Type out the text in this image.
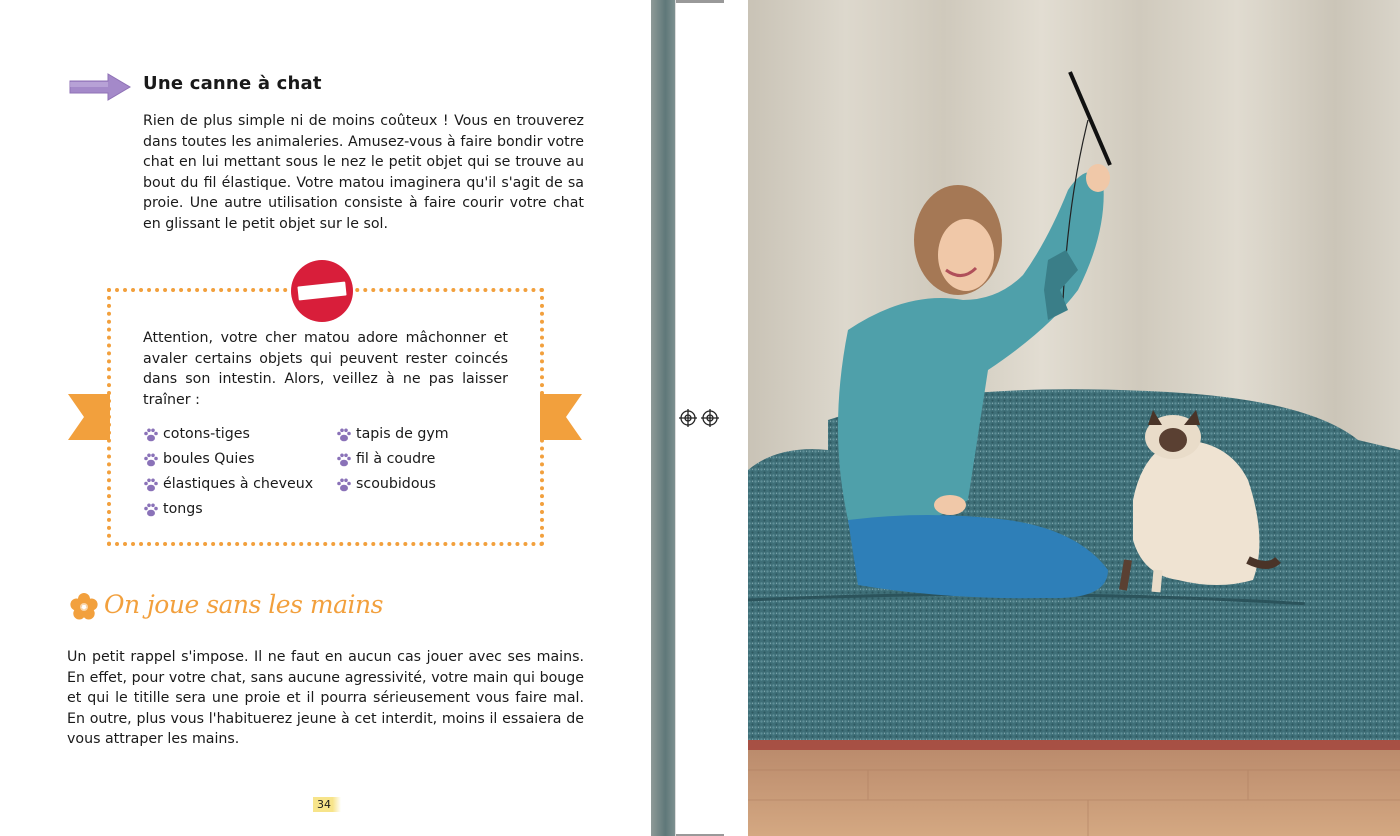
Une canne à chat

Rien de plus simple ni de moins coûteux ! Vous en trouverez dans toutes les animaleries. Amusez-vous à faire bondir votre chat en lui mettant sous le nez le petit objet qui se trouve au bout du fil élastique. Votre matou imaginera qu'il s'agit de sa proie. Une autre utilisation consiste à faire courir votre chat en glissant le petit objet sur le sol.

Attention, votre cher matou adore mâchonner et avaler certains objets qui peuvent rester coincés dans son intestin. Alors, veillez à ne pas laisser traîner :

cotons-tiges
boules Quies
élastiques à cheveux
tongs
tapis de gym
fil à coudre
scoubidous
On joue sans les mains

Un petit rappel s'impose. Il ne faut en aucun cas jouer avec ses mains. En effet, pour votre chat, sans aucune agressivité, votre main qui bouge et qui le titille sera une proie et il pourra sérieusement vous faire mal. En outre, plus vous l'habituerez jeune à cet interdit, moins il essaiera de vous attraper les mains.

34
